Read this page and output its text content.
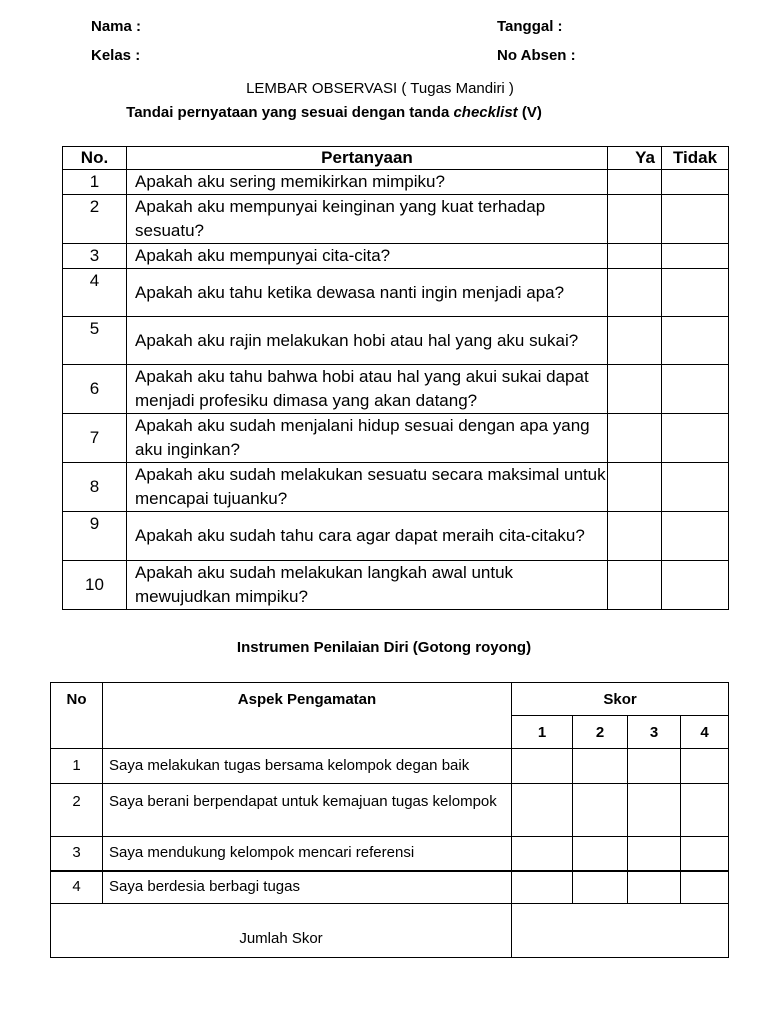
Nama :	Tanggal :
Kelas :	No Absen :
LEMBAR OBSERVASI ( Tugas Mandiri )
Tandai pernyataan yang sesuai dengan tanda checklist (V)
No.	Pertanyaan	Ya	Tidak
1	Apakah aku sering memikirkan mimpiku?		
2	Apakah aku mempunyai keinginan yang kuat terhadap sesuatu?		
3	Apakah aku mempunyai cita-cita?		
4	Apakah aku tahu ketika dewasa nanti ingin menjadi apa?		
5	Apakah aku rajin melakukan hobi atau hal yang aku sukai?		
6	Apakah aku tahu bahwa hobi atau hal yang akui sukai dapat menjadi profesiku dimasa yang akan datang?		
7	Apakah aku sudah menjalani hidup sesuai dengan apa yang aku inginkan?		
8	Apakah aku sudah melakukan sesuatu secara maksimal untuk mencapai tujuanku?		
9	Apakah aku sudah tahu cara agar dapat meraih cita-citaku?		
10	Apakah aku sudah melakukan langkah awal untuk mewujudkan mimpiku?		
Instrumen Penilaian Diri (Gotong royong)
No	Aspek Pengamatan	Skor			
		1	2	3	4
1	Saya melakukan tugas bersama kelompok degan baik				
2	Saya berani berpendapat untuk kemajuan tugas kelompok				
3	Saya mendukung kelompok mencari referensi				
4	Saya berdesia berbagi tugas				
Jumlah Skor					
